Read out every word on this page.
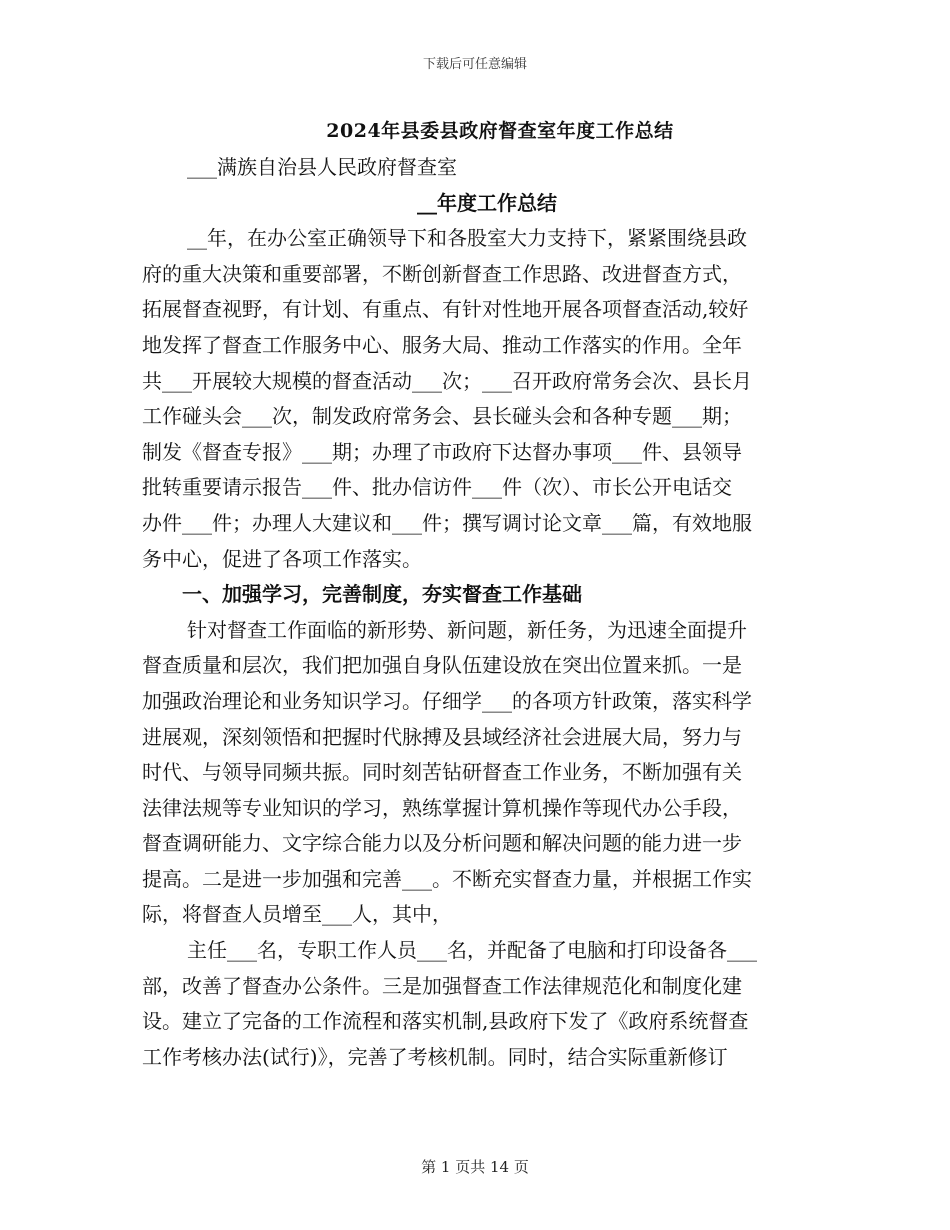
下载后可任意编辑
2024年县委县政府督查室年度工作总结
___满族自治县人民政府督查室
__年度工作总结
__年，在办公室正确领导下和各股室大力支持下，紧紧围绕县政
府的重大决策和重要部署，不断创新督查工作思路、改进督查方式，
拓展督查视野，有计划、有重点、有针对性地开展各项督查活动,较好
地发挥了督查工作服务中心、服务大局、推动工作落实的作用。全年
共___开展较大规模的督查活动___次；___召开政府常务会次、县长月
工作碰头会___次，制发政府常务会、县长碰头会和各种专题___期；
制发《督查专报》___期；办理了市政府下达督办事项___件、县领导
批转重要请示报告___件、批办信访件___件（次）、市长公开电话交
办件___件；办理人大建议和___件；撰写调讨论文章___篇，有效地服
务中心，促进了各项工作落实。
一、加强学习，完善制度，夯实督查工作基础
针对督查工作面临的新形势、新问题，新任务，为迅速全面提升
督查质量和层次，我们把加强自身队伍建设放在突出位置来抓。一是
加强政治理论和业务知识学习。仔细学___的各项方针政策，落实科学
进展观，深刻领悟和把握时代脉搏及县域经济社会进展大局，努力与
时代、与领导同频共振。同时刻苦钻研督查工作业务，不断加强有关
法律法规等专业知识的学习，熟练掌握计算机操作等现代办公手段，
督查调研能力、文字综合能力以及分析问题和解决问题的能力进一步
提高。二是进一步加强和完善___。不断充实督查力量，并根据工作实
际，将督查人员增至___人，其中，
主任___名，专职工作人员___名，并配备了电脑和打印设备各___
部，改善了督查办公条件。三是加强督查工作法律规范化和制度化建
设。建立了完备的工作流程和落实机制,县政府下发了《政府系统督查
工作考核办法(试行)》，完善了考核机制。同时，结合实际重新修订
第 1 页共 14 页
